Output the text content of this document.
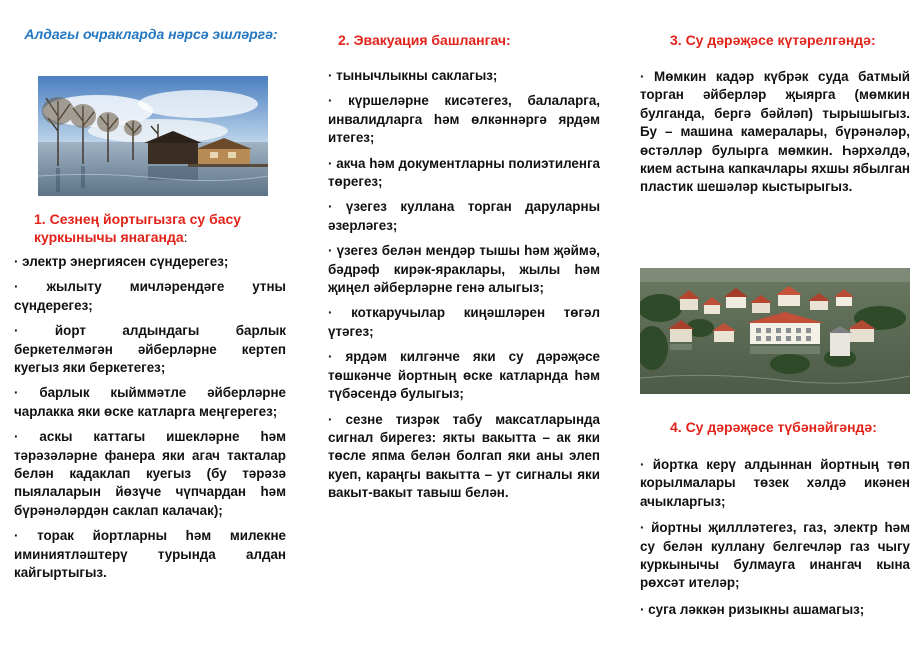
Алдагы очракларда нәрсә эшләргә:

1. Сезнең йортыгызга су басу куркынычы янаганда:

· электр энергиясен сүндерегез;
· жылыту мичләрендәге утны сүндерегез;
· йорт алдындагы барлык беркетелмәгән әйберләрне кертеп куегыз яки беркетегез;
· барлык кыйммәтле әйберләрне чарлакка яки өске катларга меңгерегез;
· аскы каттагы ишекләрне һәм тәрәзәләрне фанера яки агач такталар белән кадаклап куегыз (бу тәрәзә пыялаларын йөзүче чүпчардан һәм бүрәнәләрдән саклап калачак);
· торак йортларны һәм милекне иминиятләштерү турында алдан кайгыртыгыз.

2. Эвакуация башлангач:

· тынычлыкны саклагыз;
· күршеләрне кисәтегез, балаларга, инвалидларга һәм өлкәннәргә ярдәм итегез;
· акча һәм документларны полиэтиленга төрегез;
· үзегез куллана торган даруларны әзерләгез;
· үзегез белән мендәр тышы һәм җәймә, бәдрәф кирәк-яраклары, жылы һәм җиңел әйберләрне генә алыгыз;
· коткаручылар киңәшләрен төгәл үтәгез;
· ярдәм килгәнче яки су дәрәҗәсе төшкәнче йортның өске катларнда һәм түбәсендә булыгыз;
· сезне тизрәк табу максатларында сигнал бирегез: якты вакытта – ак яки төсле япма белән болгап яки аны элеп куеп, караңгы вакытта – ут сигналы яки вакыт-вакыт тавыш белән.

3. Су дәрәҗәсе күтәрелгәндә:

· Мөмкин кадәр күбрәк суда батмый торган әйберләр җыяргa (мөмкин булганда, бергә бәйләп) тырышыгыз. Бу – машина камералары, бүрәнәләр, өстәлләр булырга мөмкин. Һәрхәлдә, кием астына капкачлары яхшы ябылган пластик шешәләр кыстырыгыз.

4. Су дәрәҗәсе түбәнәйгәндә:

· йортка керү алдыннан йортның төп корылмалары төзек хәлдә икәнен ачыкларгыз;
· йортны җиллләтегез, газ, электр һәм су белән куллану белгечләр газ чыгу куркынычы булмауга инангач кына рөхсәт ителәр;
· суга ләккән ризыкны ашамагыз;
